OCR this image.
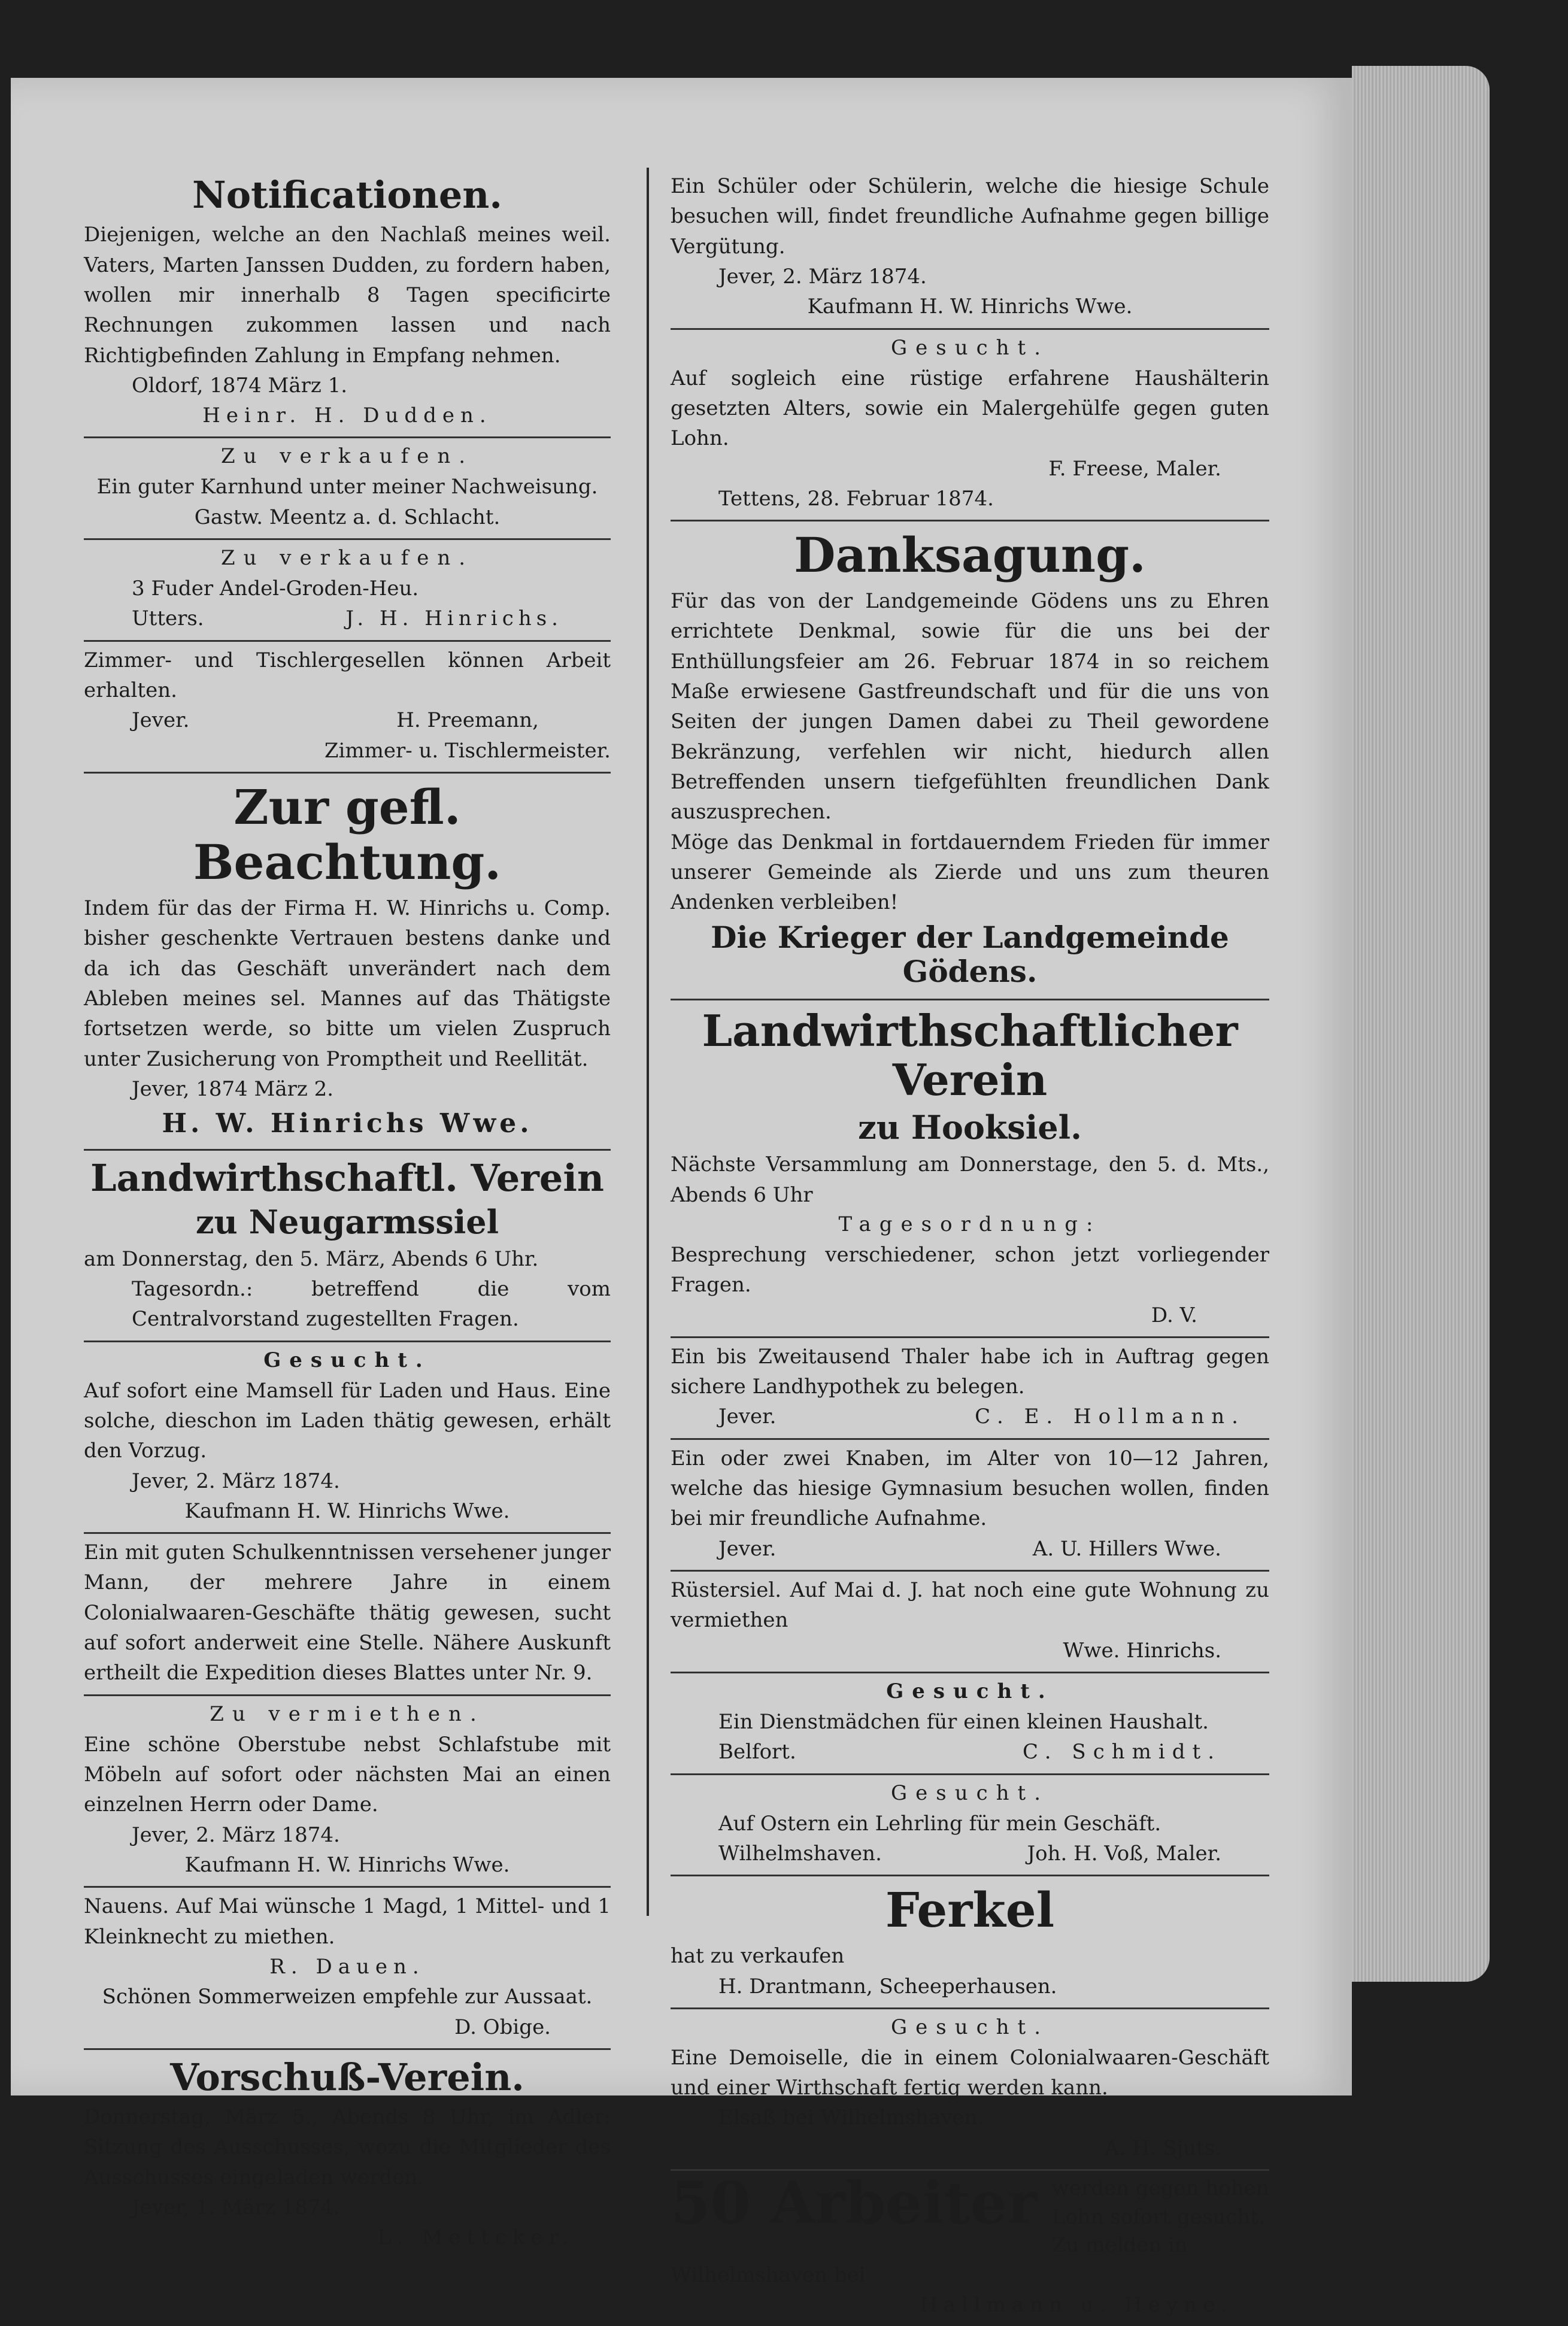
Notificationen.
Diejenigen, welche an den Nachlaß meines weil. Vaters, Marten Janssen Dudden, zu fordern haben, wollen mir innerhalb 8 Tagen specificirte Rechnungen zukommen lassen und nach Richtigbefinden Zahlung in Empfang nehmen.
Oldorf, 1874 März 1.
Heinr. H. Dudden.
Zu verkaufen.
Ein guter Karnhund unter meiner Nachweisung.
Gastw. Meentz a. d. Schlacht.
Zu verkaufen.
3 Fuder Andel-Groden-Heu.
Utters.	J. H. Hinrichs.
Zimmer- und Tischlergesellen können Arbeit erhalten.
Jever.	H. Preemann,
Zimmer- u. Tischlermeister.
Zur gefl. Beachtung.
Indem für das der Firma H. W. Hinrichs u. Comp. bisher geschenkte Vertrauen bestens danke und da ich das Geschäft unverändert nach dem Ableben meines sel. Mannes auf das Thätigste fortsetzen werde, so bitte um vielen Zuspruch unter Zusicherung von Promptheit und Reellität.
Jever, 1874 März 2.
H. W. Hinrichs Wwe.
Landwirthschaftl. Verein
zu Neugarmssiel
am Donnerstag, den 5. März, Abends 6 Uhr.
Tagesordn.: betreffend die vom Centralvorstand zugestellten Fragen.
Gesucht.
Auf sofort eine Mamsell für Laden und Haus. Eine solche, dieschon im Laden thätig gewesen, erhält den Vorzug.
Jever, 2. März 1874.
Kaufmann H. W. Hinrichs Wwe.
Ein mit guten Schulkenntnissen versehener junger Mann, der mehrere Jahre in einem Colonialwaaren-Geschäfte thätig gewesen, sucht auf sofort anderweit eine Stelle. Nähere Auskunft ertheilt die Expedition dieses Blattes unter Nr. 9.
Zu vermiethen.
Eine schöne Oberstube nebst Schlafstube mit Möbeln auf sofort oder nächsten Mai an einen einzelnen Herrn oder Dame.
Jever, 2. März 1874.
Kaufmann H. W. Hinrichs Wwe.
Nauens. Auf Mai wünsche 1 Magd, 1 Mittel- und 1 Kleinknecht zu miethen.
R. Dauen.
Schönen Sommerweizen empfehle zur Aussaat.
D. Obige.
Vorschuß-Verein.
Donnerstag, März 5., Abends 8 Uhr, im Adler: Sitzung des Ausschusses, wozu die Mitglieder des Ausschusses eingeladen werden.
Jever, 1. März 1874.
L. Mettcker.
Ein Schüler oder Schülerin, welche die hiesige Schule besuchen will, findet freundliche Aufnahme gegen billige Vergütung.
Jever, 2. März 1874.
Kaufmann H. W. Hinrichs Wwe.
Gesucht.
Auf sogleich eine rüstige erfahrene Haushälterin gesetzten Alters, sowie ein Malergehülfe gegen guten Lohn.
F. Freese, Maler.
Tettens, 28. Februar 1874.
Danksagung.
Für das von der Landgemeinde Gödens uns zu Ehren errichtete Denkmal, sowie für die uns bei der Enthüllungsfeier am 26. Februar 1874 in so reichem Maße erwiesene Gastfreundschaft und für die uns von Seiten der jungen Damen dabei zu Theil gewordene Bekränzung, verfehlen wir nicht, hiedurch allen Betreffenden unsern tiefgefühlten freundlichen Dank auszusprechen.
Möge das Denkmal in fortdauerndem Frieden für immer unserer Gemeinde als Zierde und uns zum theuren Andenken verbleiben!
Die Krieger der Landgemeinde Gödens.
Landwirthschaftlicher Verein
zu Hooksiel.
Nächste Versammlung am Donnerstage, den 5. d. Mts., Abends 6 Uhr
Tagesordnung:
Besprechung verschiedener, schon jetzt vorliegender Fragen.
D. V.
Ein bis Zweitausend Thaler habe ich in Auftrag gegen sichere Landhypothek zu belegen.
Jever.	C. E. Hollmann.
Ein oder zwei Knaben, im Alter von 10—12 Jahren, welche das hiesige Gymnasium besuchen wollen, finden bei mir freundliche Aufnahme.
Jever.	A. U. Hillers Wwe.
Rüstersiel. Auf Mai d. J. hat noch eine gute Wohnung zu vermiethen
Wwe. Hinrichs.
Gesucht.
Ein Dienstmädchen für einen kleinen Haushalt.
Belfort.	C. Schmidt.
Gesucht.
Auf Ostern ein Lehrling für mein Geschäft.
Wilhelmshaven.	Joh. H. Voß, Maler.
Ferkel
hat zu verkaufen
H. Drantmann, Scheeperhausen.
Gesucht.
Eine Demoiselle, die in einem Colonialwaaren-Geschäft und einer Wirthschaft fertig werden kann.
Elsaß bei Wilhelmshaven.
A. H. Sjuts.
50 Arbeiter werden gegen hohen Lohn sofort gesucht. Zu melden in
Wilhelmshaven bei
Hallmann u. Heyne.
